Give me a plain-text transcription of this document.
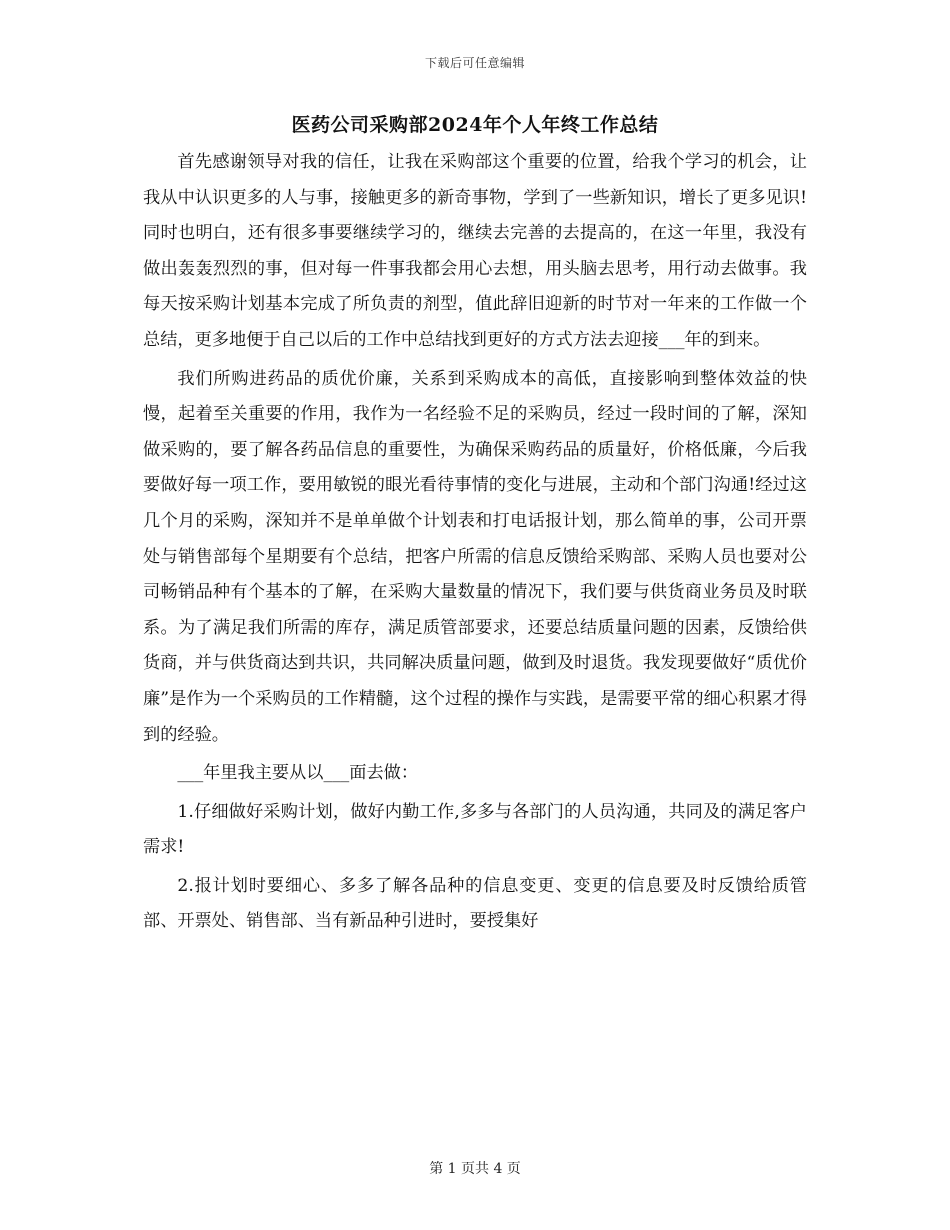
下载后可任意编辑
医药公司采购部2024年个人年终工作总结

首先感谢领导对我的信任，让我在采购部这个重要的位置，给我个学习的机会，让我从中认识更多的人与事，接触更多的新奇事物，学到了一些新知识，增长了更多见识!同时也明白，还有很多事要继续学习的，继续去完善的去提高的，在这一年里，我没有做出轰轰烈烈的事，但对每一件事我都会用心去想，用头脑去思考，用行动去做事。我每天按采购计划基本完成了所负责的剂型，值此辞旧迎新的时节对一年来的工作做一个总结，更多地便于自己以后的工作中总结找到更好的方式方法去迎接___年的到来。

我们所购进药品的质优价廉，关系到采购成本的高低，直接影响到整体效益的快慢，起着至关重要的作用，我作为一名经验不足的采购员，经过一段时间的了解，深知做采购的，要了解各药品信息的重要性，为确保采购药品的质量好，价格低廉，今后我要做好每一项工作，要用敏锐的眼光看待事情的变化与进展，主动和个部门沟通!经过这几个月的采购，深知并不是单单做个计划表和打电话报计划，那么简单的事，公司开票处与销售部每个星期要有个总结，把客户所需的信息反馈给采购部、采购人员也要对公司畅销品种有个基本的了解，在采购大量数量的情况下，我们要与供货商业务员及时联系。为了满足我们所需的库存，满足质管部要求，还要总结质量问题的因素，反馈给供货商，并与供货商达到共识，共同解决质量问题，做到及时退货。我发现要做好“质优价廉”是作为一个采购员的工作精髓，这个过程的操作与实践，是需要平常的细心积累才得到的经验。

___年里我主要从以___面去做：

1.仔细做好采购计划，做好内勤工作,多多与各部门的人员沟通，共同及的满足客户需求!

2.报计划时要细心、多多了解各品种的信息变更、变更的信息要及时反馈给质管部、开票处、销售部、当有新品种引进时，要授集好

第 1 页共 4 页
